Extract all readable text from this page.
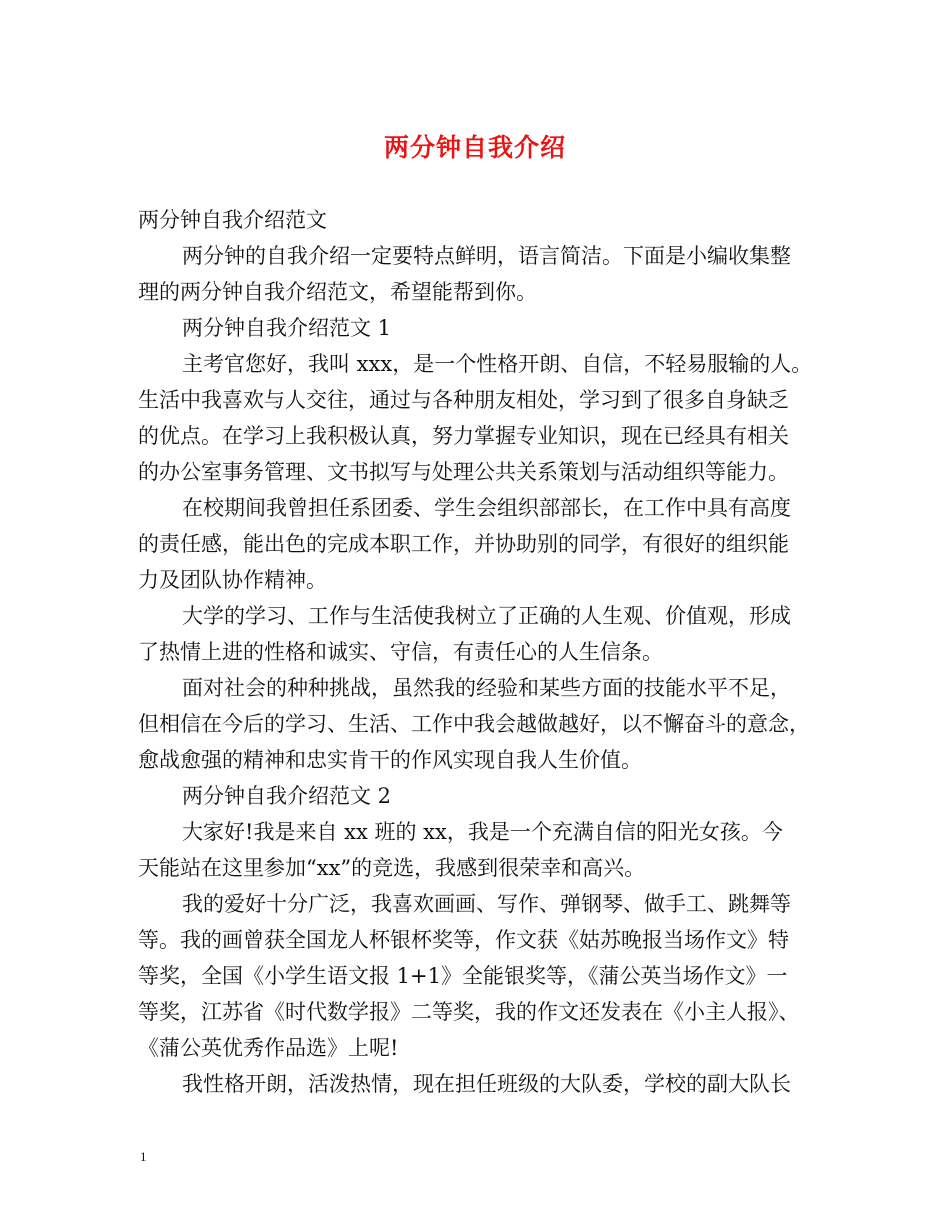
两分钟自我介绍
两分钟自我介绍范文
两分钟的自我介绍一定要特点鲜明，语言简洁。下面是小编收集整
理的两分钟自我介绍范文，希望能帮到你。
两分钟自我介绍范文 1
主考官您好，我叫 xxx，是一个性格开朗、自信，不轻易服输的人。
生活中我喜欢与人交往，通过与各种朋友相处，学习到了很多自身缺乏
的优点。在学习上我积极认真，努力掌握专业知识，现在已经具有相关
的办公室事务管理、文书拟写与处理公共关系策划与活动组织等能力。
在校期间我曾担任系团委、学生会组织部部长，在工作中具有高度
的责任感，能出色的完成本职工作，并协助别的同学，有很好的组织能
力及团队协作精神。
大学的学习、工作与生活使我树立了正确的人生观、价值观，形成
了热情上进的性格和诚实、守信，有责任心的人生信条。
面对社会的种种挑战，虽然我的经验和某些方面的技能水平不足，
但相信在今后的学习、生活、工作中我会越做越好，以不懈奋斗的意念，
愈战愈强的精神和忠实肯干的作风实现自我人生价值。
两分钟自我介绍范文 2
大家好!我是来自 xx 班的 xx，我是一个充满自信的阳光女孩。今
天能站在这里参加“xx”的竞选，我感到很荣幸和高兴。
我的爱好十分广泛，我喜欢画画、写作、弹钢琴、做手工、跳舞等
等。我的画曾获全国龙人杯银杯奖等，作文获《姑苏晚报当场作文》特
等奖，全国《小学生语文报 1+1》全能银奖等，《蒲公英当场作文》一
等奖，江苏省《时代数学报》二等奖，我的作文还发表在《小主人报》、
《蒲公英优秀作品选》上呢!
我性格开朗，活泼热情，现在担任班级的大队委，学校的副大队长
1
